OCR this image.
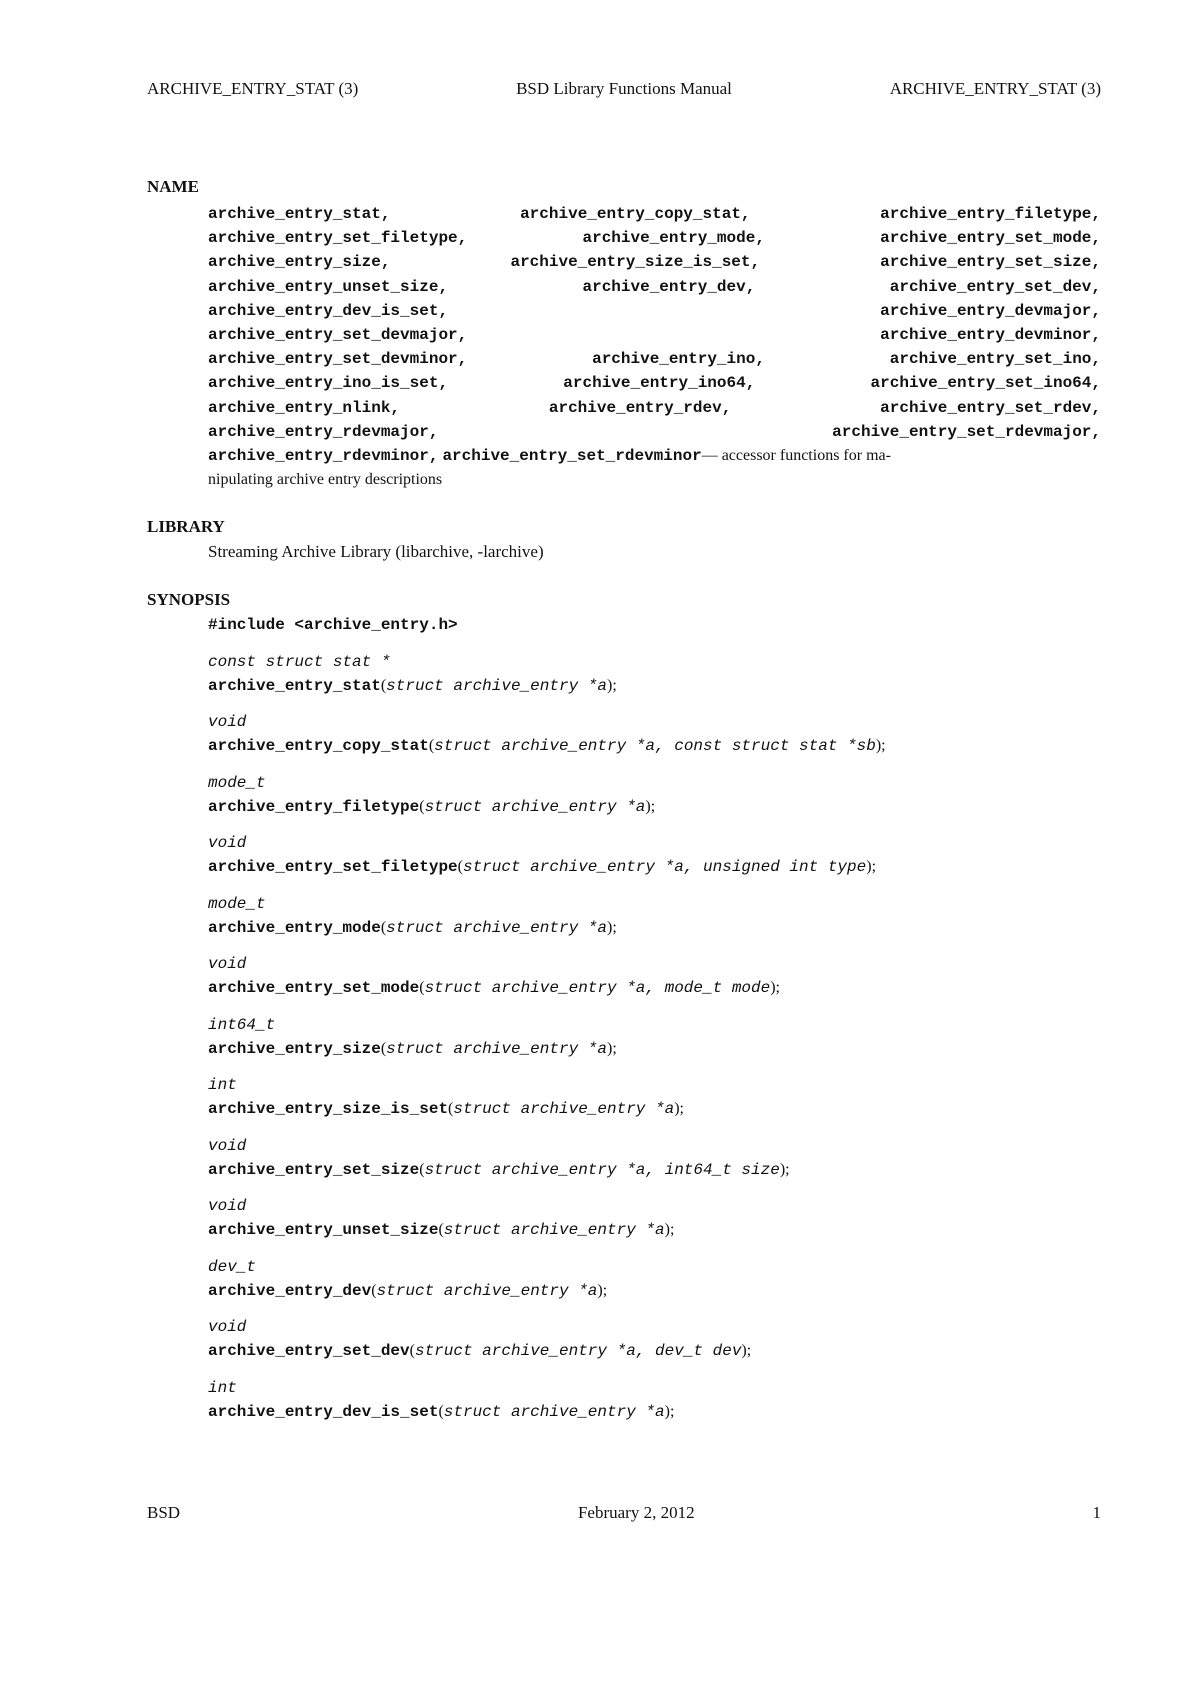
ARCHIVE_ENTRY_STAT (3)	BSD Library Functions Manual	ARCHIVE_ENTRY_STAT (3)
NAME
archive_entry_stat,	archive_entry_copy_stat,	archive_entry_filetype,
archive_entry_set_filetype,	archive_entry_mode,	archive_entry_set_mode,
archive_entry_size,	archive_entry_size_is_set,	archive_entry_set_size,
archive_entry_unset_size,	archive_entry_dev,	archive_entry_set_dev,
archive_entry_dev_is_set,	archive_entry_devmajor,
archive_entry_set_devmajor,	archive_entry_devminor,
archive_entry_set_devminor,	archive_entry_ino,	archive_entry_set_ino,
archive_entry_ino_is_set,	archive_entry_ino64,	archive_entry_set_ino64,
archive_entry_nlink,	archive_entry_rdev,	archive_entry_set_rdev,
archive_entry_rdevmajor,	archive_entry_set_rdevmajor,
archive_entry_rdevminor,
archive_entry_set_rdevminor — accessor functions for ma-
nipulating archive entry descriptions
LIBRARY
Streaming Archive Library (libarchive, -larchive)
SYNOPSIS
#include <archive_entry.h>
const struct stat *
archive_entry_stat(struct archive_entry *a);
void
archive_entry_copy_stat(struct archive_entry *a, const struct stat *sb);
mode_t
archive_entry_filetype(struct archive_entry *a);
void
archive_entry_set_filetype(struct archive_entry *a, unsigned int type);
mode_t
archive_entry_mode(struct archive_entry *a);
void
archive_entry_set_mode(struct archive_entry *a, mode_t mode);
int64_t
archive_entry_size(struct archive_entry *a);
int
archive_entry_size_is_set(struct archive_entry *a);
void
archive_entry_set_size(struct archive_entry *a, int64_t size);
void
archive_entry_unset_size(struct archive_entry *a);
dev_t
archive_entry_dev(struct archive_entry *a);
void
archive_entry_set_dev(struct archive_entry *a, dev_t dev);
int
archive_entry_dev_is_set(struct archive_entry *a);
BSD	February 2, 2012	1
